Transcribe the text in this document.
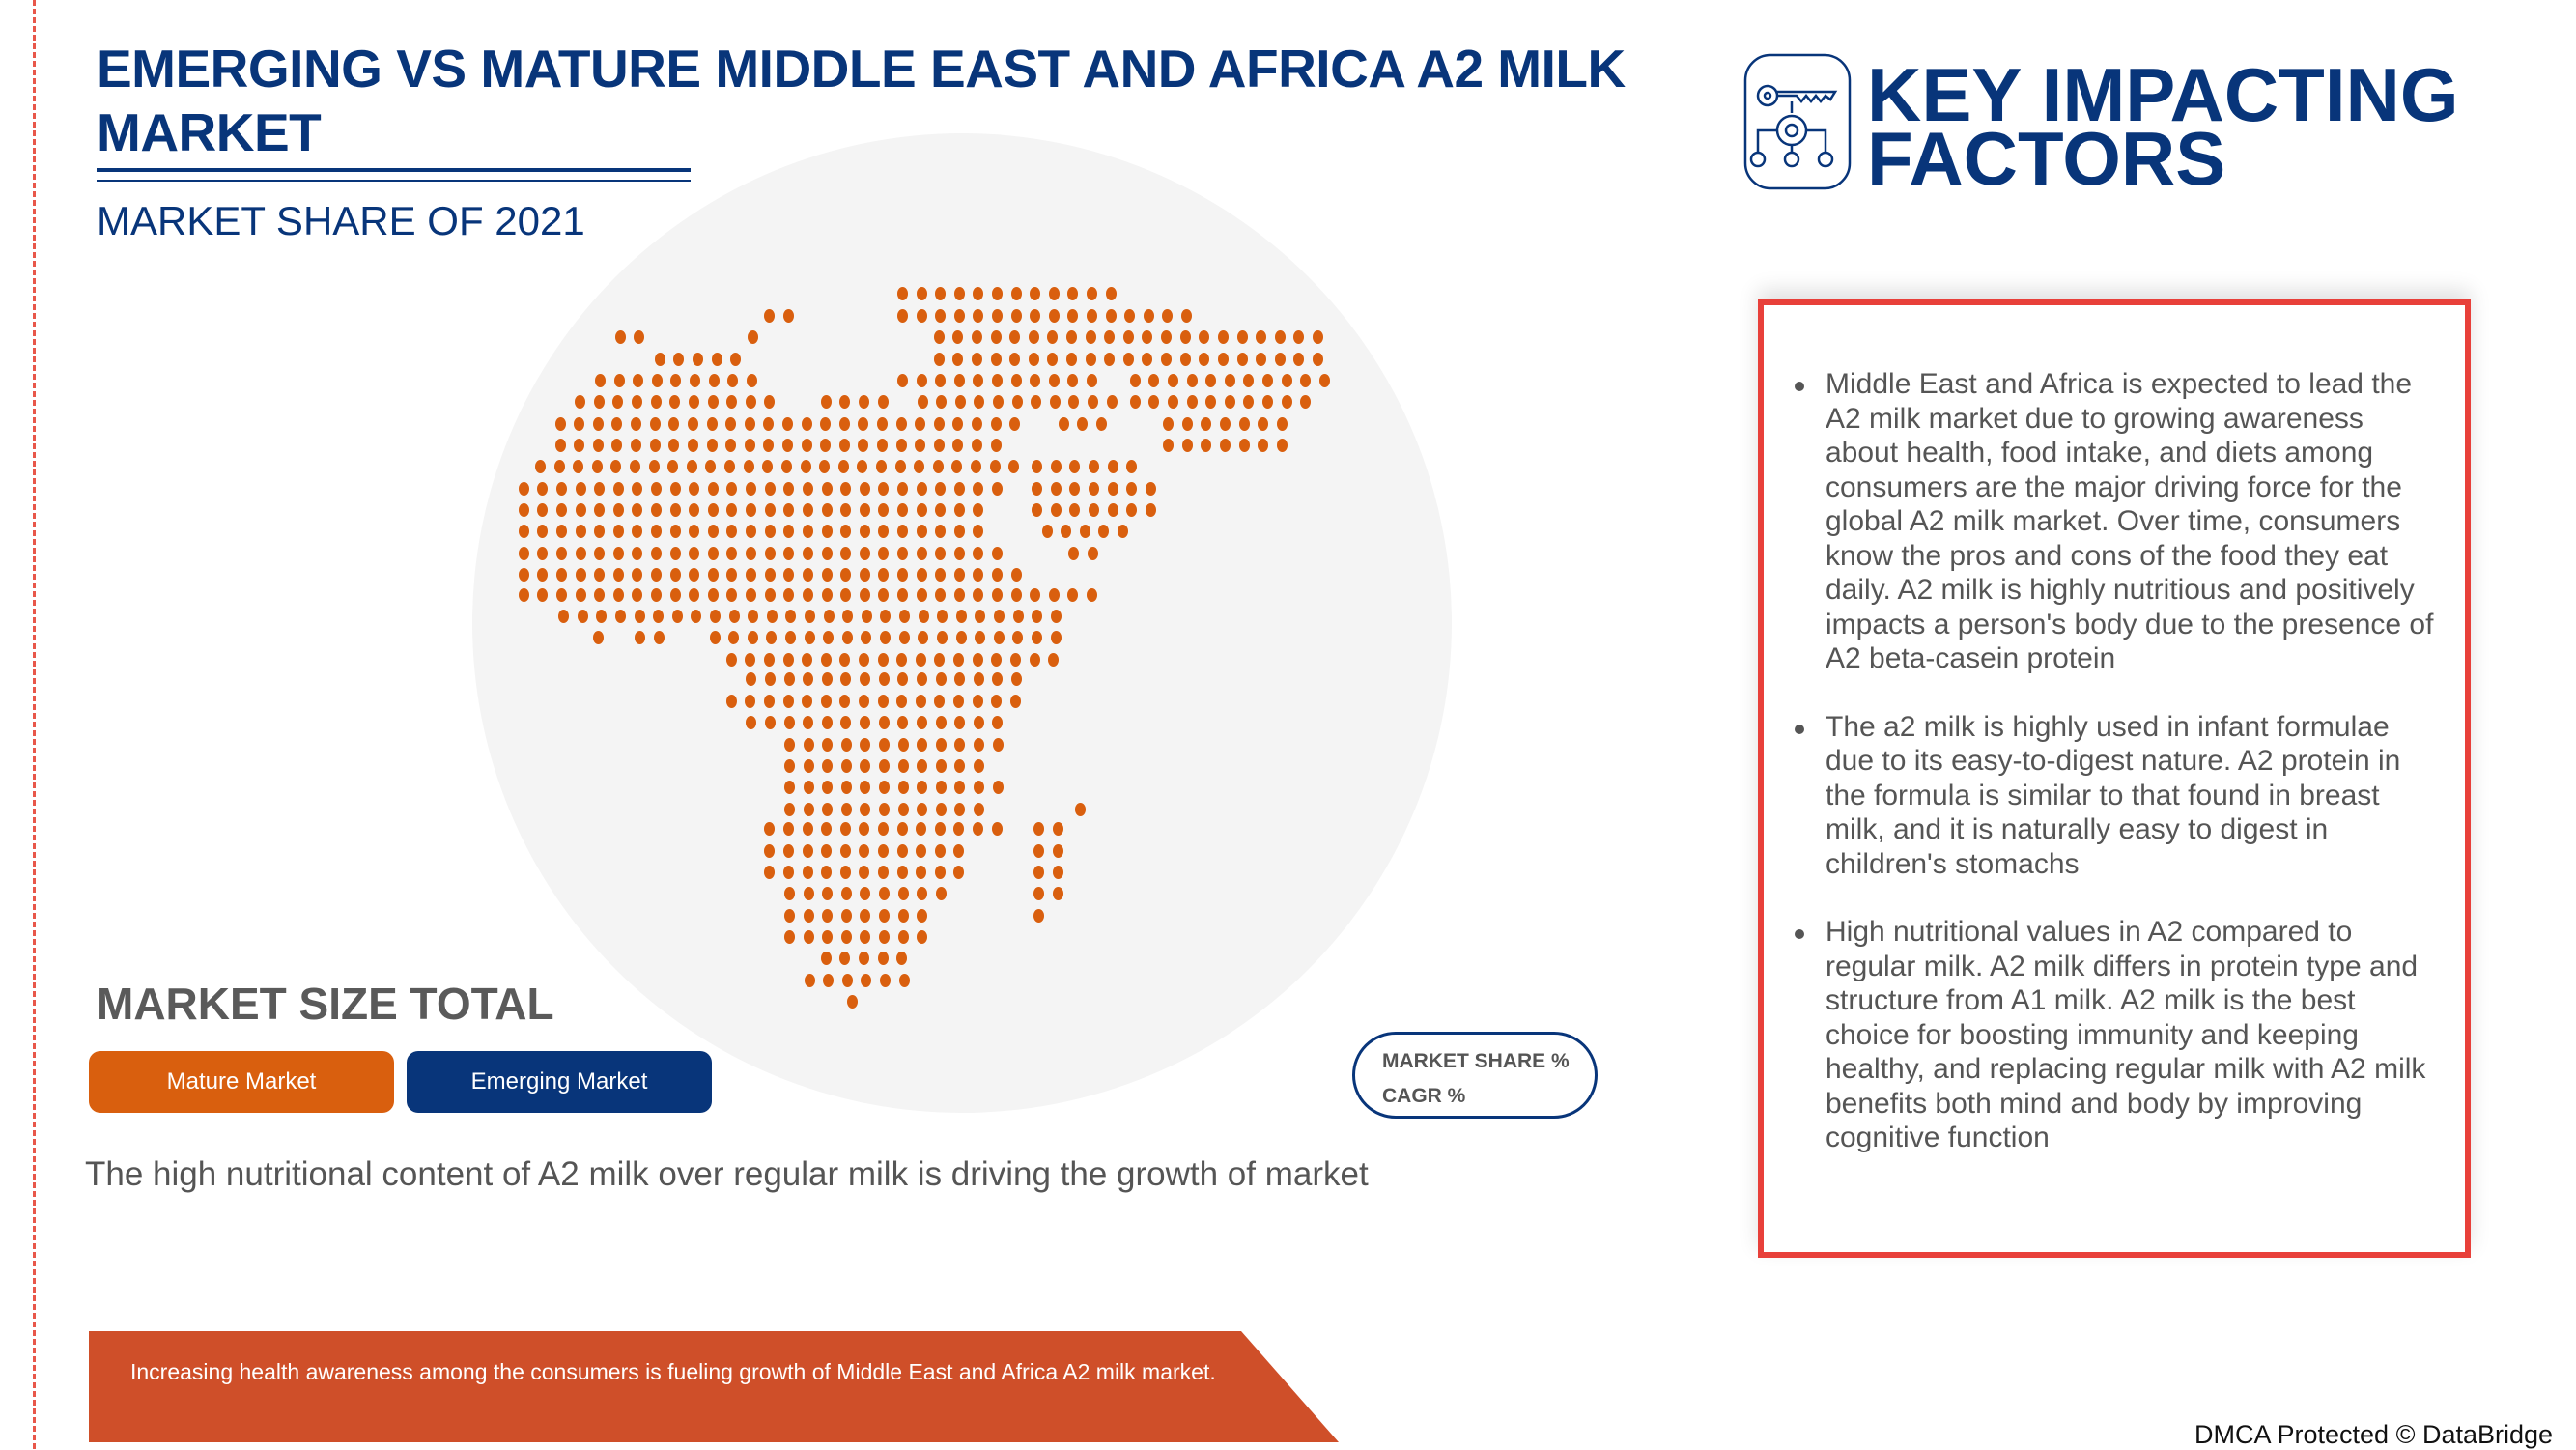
EMERGING VS MATURE MIDDLE EAST AND AFRICA A2 MILK MARKET
MARKET SHARE OF 2021
MARKET SIZE TOTAL
Mature Market	Emerging Market
MARKET SHARE %
CAGR %
The high nutritional content of A2 milk over regular milk is driving the growth of market
Increasing health awareness among the consumers is fueling growth of Middle East and Africa A2 milk market.
KEY IMPACTING
FACTORS
Middle East and Africa is expected to lead the A2 milk market due to growing awareness about health, food intake, and diets among consumers are the major driving force for the global A2 milk market. Over time, consumers know the pros and cons of the food they eat daily. A2 milk is highly nutritious and positively impacts a person's body due to the presence of A2 beta-casein protein
The a2 milk is highly used in infant formulae due to its easy-to-digest nature. A2 protein in the formula is similar to that found in breast milk, and it is naturally easy to digest in children's stomachs
High nutritional values in A2 compared to regular milk. A2 milk differs in protein type and structure from A1 milk. A2 milk is the best choice for boosting immunity and keeping healthy, and replacing regular milk with A2 milk benefits both mind and body by improving cognitive function
DMCA Protected © DataBridge
